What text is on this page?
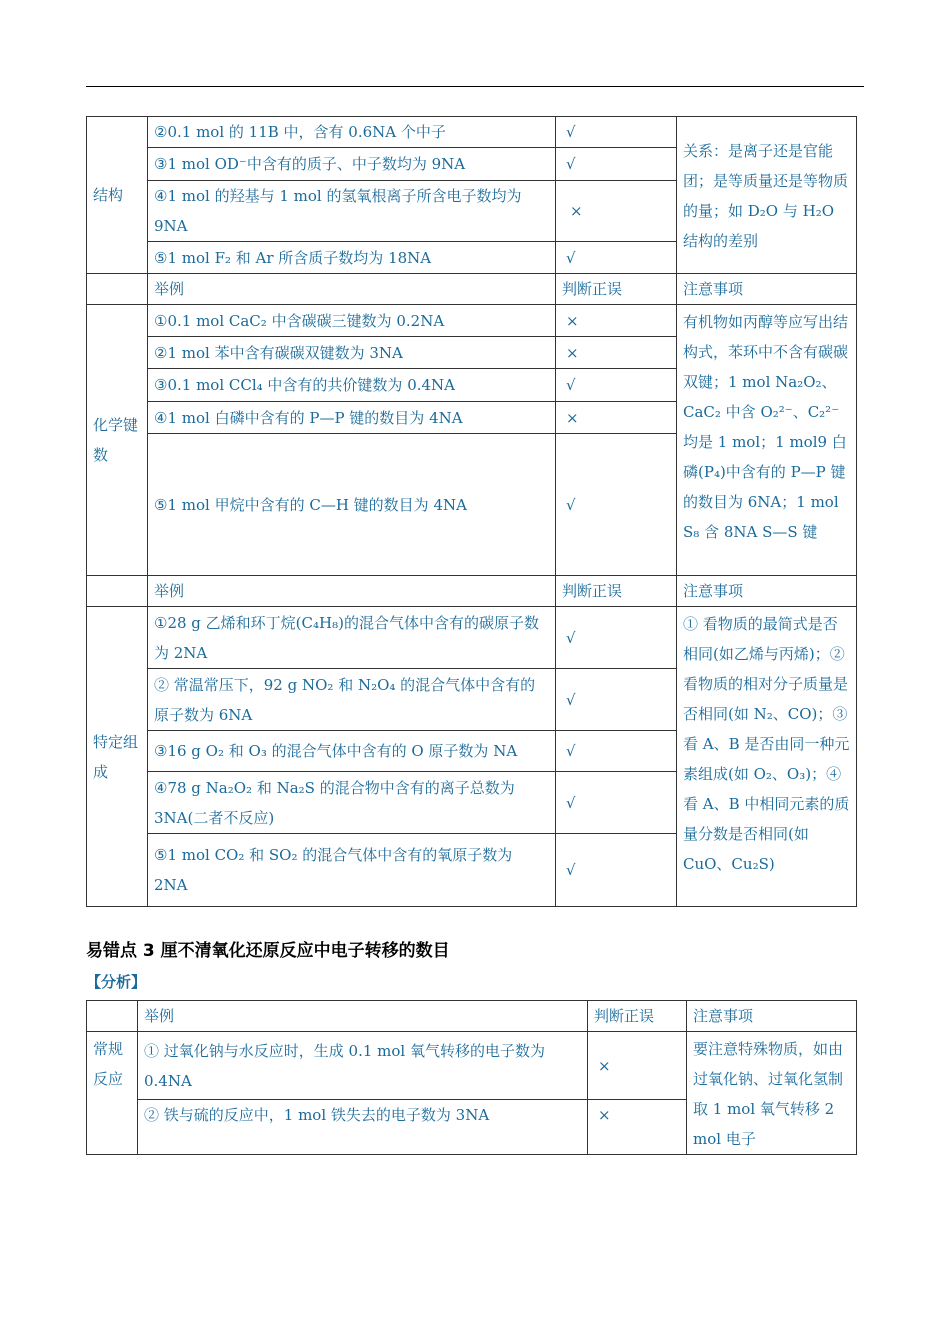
结构	②0.1 mol 的 11B 中，含有 0.6NA 个中子	√	关系：是离子还是官能团；是等质量还是等物质的量；如 D₂O 与 H₂O 结构的差别
	③1 mol OD⁻中含有的质子、中子数均为 9NA	√	
	④1 mol 的羟基与 1 mol 的氢氧根离子所含电子数均为 9NA	×	
	⑤1 mol F₂ 和 Ar 所含质子数均为 18NA	√	
	举例	判断正误	注意事项
化学键数	①0.1 mol CaC₂ 中含碳碳三键数为 0.2NA	×	有机物如丙醇等应写出结构式，苯环中不含有碳碳双键；1 mol Na₂O₂、CaC₂ 中含 O₂²⁻、C₂²⁻均是 1 mol；1 mol9 白磷(P₄)中含有的 P—P 键的数目为 6NA；1 mol S₈ 含 8NA S—S 键
	②1 mol 苯中含有碳碳双键数为 3NA	×	
	③0.1 mol CCl₄ 中含有的共价键数为 0.4NA	√	
	④1 mol 白磷中含有的 P—P 键的数目为 4NA	×	
	⑤1 mol 甲烷中含有的 C—H 键的数目为 4NA	√	
	举例	判断正误	注意事项
特定组成	①28 g 乙烯和环丁烷(C₄H₈)的混合气体中含有的碳原子数为 2NA	√	① 看物质的最简式是否相同(如乙烯与丙烯)；②看物质的相对分子质量是否相同(如 N₂、CO)；③看 A、B 是否由同一种元素组成(如 O₂、O₃)；④看 A、B 中相同元素的质量分数是否相同(如 CuO、Cu₂S)
	② 常温常压下，92 g NO₂ 和 N₂O₄ 的混合气体中含有的原子数为 6NA	√	
	③16 g O₂ 和 O₃ 的混合气体中含有的 O 原子数为 NA	√	
	④78 g Na₂O₂ 和 Na₂S 的混合物中含有的离子总数为 3NA(二者不反应)	√	
	⑤1 mol CO₂ 和 SO₂ 的混合气体中含有的氧原子数为 2NA	√	
易错点 3 厘不清氧化还原反应中电子转移的数目
【分析】
	举例	判断正误	注意事项
常规反应	① 过氧化钠与水反应时，生成 0.1 mol 氧气转移的电子数为 0.4NA	×	要注意特殊物质，如由过氧化钠、过氧化氢制取 1 mol 氧气转移 2 mol 电子
	② 铁与硫的反应中，1 mol 铁失去的电子数为 3NA	×	
